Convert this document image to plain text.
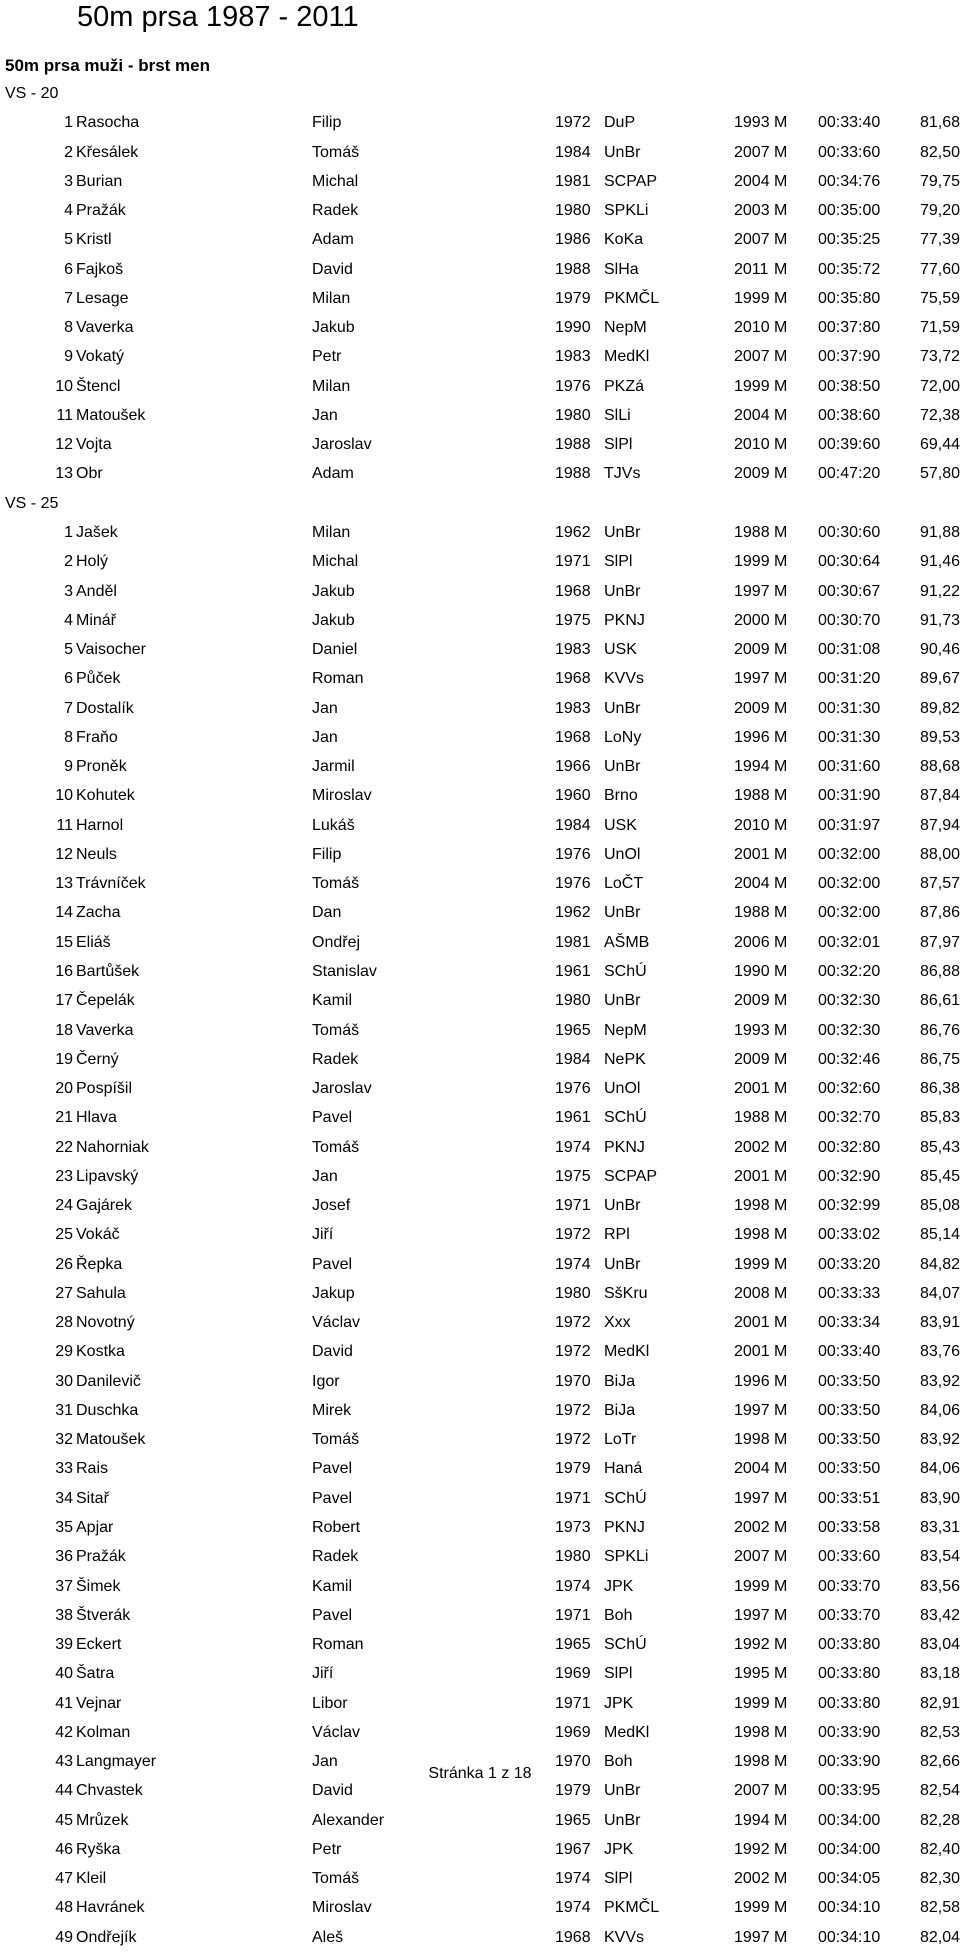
50m prsa 1987 - 2011
50m prsa muži - brst men
VS - 20
1 Rasocha	Filip	1972 DuP	1993 M 00:33:40	81,68
2 Křesálek	Tomáš	1984 UnBr	2007 M 00:33:60	82,50
3 Burian	Michal	1981 SCPAP	2004 M 00:34:76	79,75
4 Pražák	Radek	1980 SPKLi	2003 M 00:35:00	79,20
5 Kristl	Adam	1986 KoKa	2007 M 00:35:25	77,39
6 Fajkoš	David	1988 SlHa	2011 M 00:35:72	77,60
7 Lesage	Milan	1979 PKMČL	1999 M 00:35:80	75,59
8 Vaverka	Jakub	1990 NepM	2010 M 00:37:80	71,59
9 Vokatý	Petr	1983 MedKl	2007 M 00:37:90	73,72
10 Štencl	Milan	1976 PKZá	1999 M 00:38:50	72,00
11 Matoušek	Jan	1980 SlLi	2004 M 00:38:60	72,38
12 Vojta	Jaroslav	1988 SlPl	2010 M 00:39:60	69,44
13 Obr	Adam	1988 TJVs	2009 M 00:47:20	57,80
VS - 25
1 Jašek	Milan	1962 UnBr	1988 M 00:30:60	91,88
2 Holý	Michal	1971 SlPl	1999 M 00:30:64	91,46
3 Anděl	Jakub	1968 UnBr	1997 M 00:30:67	91,22
4 Minář	Jakub	1975 PKNJ	2000 M 00:30:70	91,73
5 Vaisocher	Daniel	1983 USK	2009 M 00:31:08	90,46
6 Půček	Roman	1968 KVVs	1997 M 00:31:20	89,67
7 Dostalík	Jan	1983 UnBr	2009 M 00:31:30	89,82
8 Fraňo	Jan	1968 LoNy	1996 M 00:31:30	89,53
9 Proněk	Jarmil	1966 UnBr	1994 M 00:31:60	88,68
10 Kohutek	Miroslav	1960 Brno	1988 M 00:31:90	87,84
11 Harnol	Lukáš	1984 USK	2010 M 00:31:97	87,94
12 Neuls	Filip	1976 UnOl	2001 M 00:32:00	88,00
13 Trávníček	Tomáš	1976 LoČT	2004 M 00:32:00	87,57
14 Zacha	Dan	1962 UnBr	1988 M 00:32:00	87,86
15 Eliáš	Ondřej	1981 AŠMB	2006 M 00:32:01	87,97
16 Bartůšek	Stanislav	1961 SChÚ	1990 M 00:32:20	86,88
17 Čepelák	Kamil	1980 UnBr	2009 M 00:32:30	86,61
18 Vaverka	Tomáš	1965 NepM	1993 M 00:32:30	86,76
19 Černý	Radek	1984 NePK	2009 M 00:32:46	86,75
20 Pospíšil	Jaroslav	1976 UnOl	2001 M 00:32:60	86,38
21 Hlava	Pavel	1961 SChÚ	1988 M 00:32:70	85,83
22 Nahorniak	Tomáš	1974 PKNJ	2002 M 00:32:80	85,43
23 Lipavský	Jan	1975 SCPAP	2001 M 00:32:90	85,45
24 Gajárek	Josef	1971 UnBr	1998 M 00:32:99	85,08
25 Vokáč	Jiří	1972 RPl	1998 M 00:33:02	85,14
26 Řepka	Pavel	1974 UnBr	1999 M 00:33:20	84,82
27 Sahula	Jakup	1980 SšKru	2008 M 00:33:33	84,07
28 Novotný	Václav	1972 Xxx	2001 M 00:33:34	83,91
29 Kostka	David	1972 MedKl	2001 M 00:33:40	83,76
30 Danilevič	Igor	1970 BiJa	1996 M 00:33:50	83,92
31 Duschka	Mirek	1972 BiJa	1997 M 00:33:50	84,06
32 Matoušek	Tomáš	1972 LoTr	1998 M 00:33:50	83,92
33 Rais	Pavel	1979 Haná	2004 M 00:33:50	84,06
34 Sitař	Pavel	1971 SChÚ	1997 M 00:33:51	83,90
35 Apjar	Robert	1973 PKNJ	2002 M 00:33:58	83,31
36 Pražák	Radek	1980 SPKLi	2007 M 00:33:60	83,54
37 Šimek	Kamil	1974 JPK	1999 M 00:33:70	83,56
38 Štverák	Pavel	1971 Boh	1997 M 00:33:70	83,42
39 Eckert	Roman	1965 SChÚ	1992 M 00:33:80	83,04
40 Šatra	Jiří	1969 SlPl	1995 M 00:33:80	83,18
41 Vejnar	Libor	1971 JPK	1999 M 00:33:80	82,91
42 Kolman	Václav	1969 MedKl	1998 M 00:33:90	82,53
43 Langmayer	Jan	1970 Boh	1998 M 00:33:90	82,66
44 Chvastek	David	1979 UnBr	2007 M 00:33:95	82,54
45 Mrůzek	Alexander	1965 UnBr	1994 M 00:34:00	82,28
46 Ryška	Petr	1967 JPK	1992 M 00:34:00	82,40
47 Kleil	Tomáš	1974 SlPl	2002 M 00:34:05	82,30
48 Havránek	Miroslav	1974 PKMČL	1999 M 00:34:10	82,58
49 Ondřejík	Aleš	1968 KVVs	1997 M 00:34:10	82,04
Stránka 1 z 18
